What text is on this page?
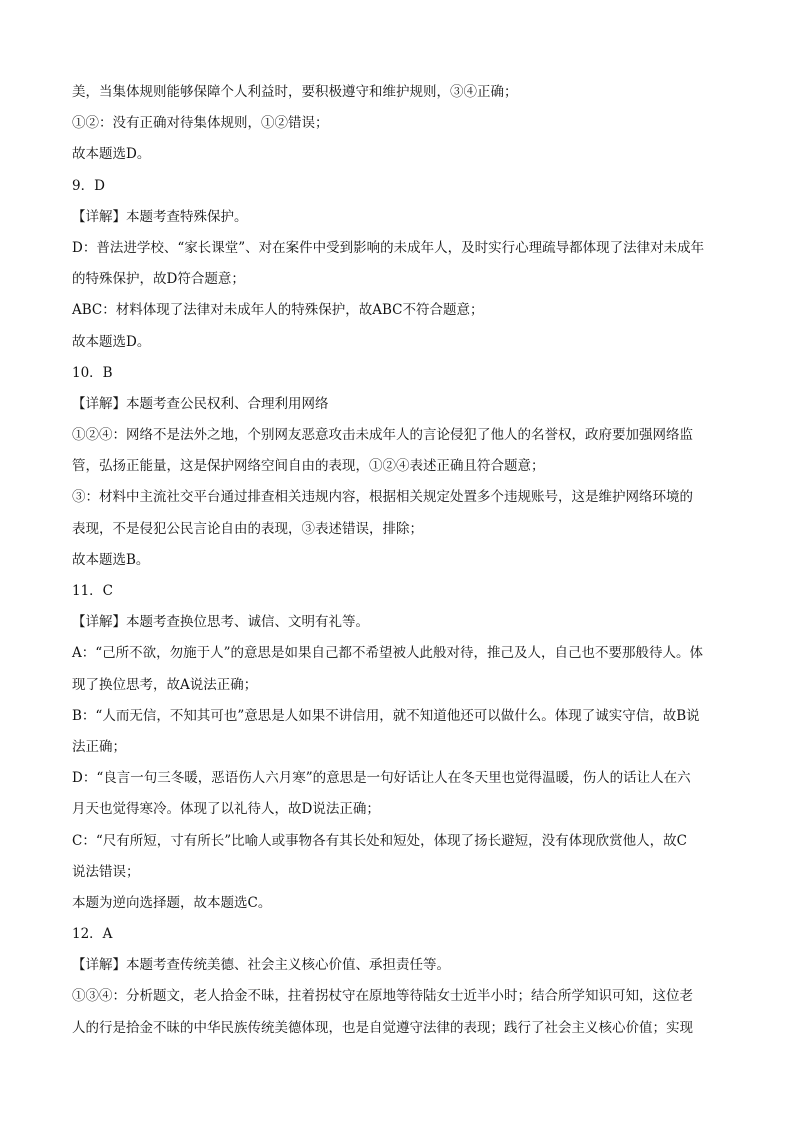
美，当集体规则能够保障个人利益时，要积极遵守和维护规则，③④正确；
①②：没有正确对待集体规则，①②错误；
故本题选D。
9．D
【详解】本题考查特殊保护。
D：普法进学校、“家长课堂”、对在案件中受到影响的未成年人，及时实行心理疏导都体现了法律对未成年
的特殊保护，故D符合题意；
ABC：材料体现了法律对未成年人的特殊保护，故ABC不符合题意；
故本题选D。
10．B
【详解】本题考查公民权利、合理利用网络
①②④：网络不是法外之地，个别网友恶意攻击未成年人的言论侵犯了他人的名誉权，政府要加强网络监
管，弘扬正能量，这是保护网络空间自由的表现，①②④表述正确且符合题意；
③：材料中主流社交平台通过排查相关违规内容，根据相关规定处置多个违规账号，这是维护网络环境的
表现，不是侵犯公民言论自由的表现，③表述错误，排除；
故本题选B。
11．C
【详解】本题考查换位思考、诚信、文明有礼等。
A：“己所不欲，勿施于人”的意思是如果自己都不希望被人此般对待，推己及人，自己也不要那般待人。体
现了换位思考，故A说法正确；
B：“人而无信，不知其可也”意思是人如果不讲信用，就不知道他还可以做什么。体现了诚实守信，故B说
法正确；
D：“良言一句三冬暖，恶语伤人六月寒”的意思是一句好话让人在冬天里也觉得温暖，伤人的话让人在六
月天也觉得寒冷。体现了以礼待人，故D说法正确；
C：“尺有所短，寸有所长”比喻人或事物各有其长处和短处，体现了扬长避短，没有体现欣赏他人，故C
说法错误；
本题为逆向选择题，故本题选C。
12．A
【详解】本题考查传统美德、社会主义核心价值、承担责任等。
①③④：分析题文，老人拾金不昧，拄着拐杖守在原地等待陆女士近半小时；结合所学知识可知，这位老
人的行是拾金不昧的中华民族传统美德体现，也是自觉遵守法律的表现；践行了社会主义核心价值；实现
